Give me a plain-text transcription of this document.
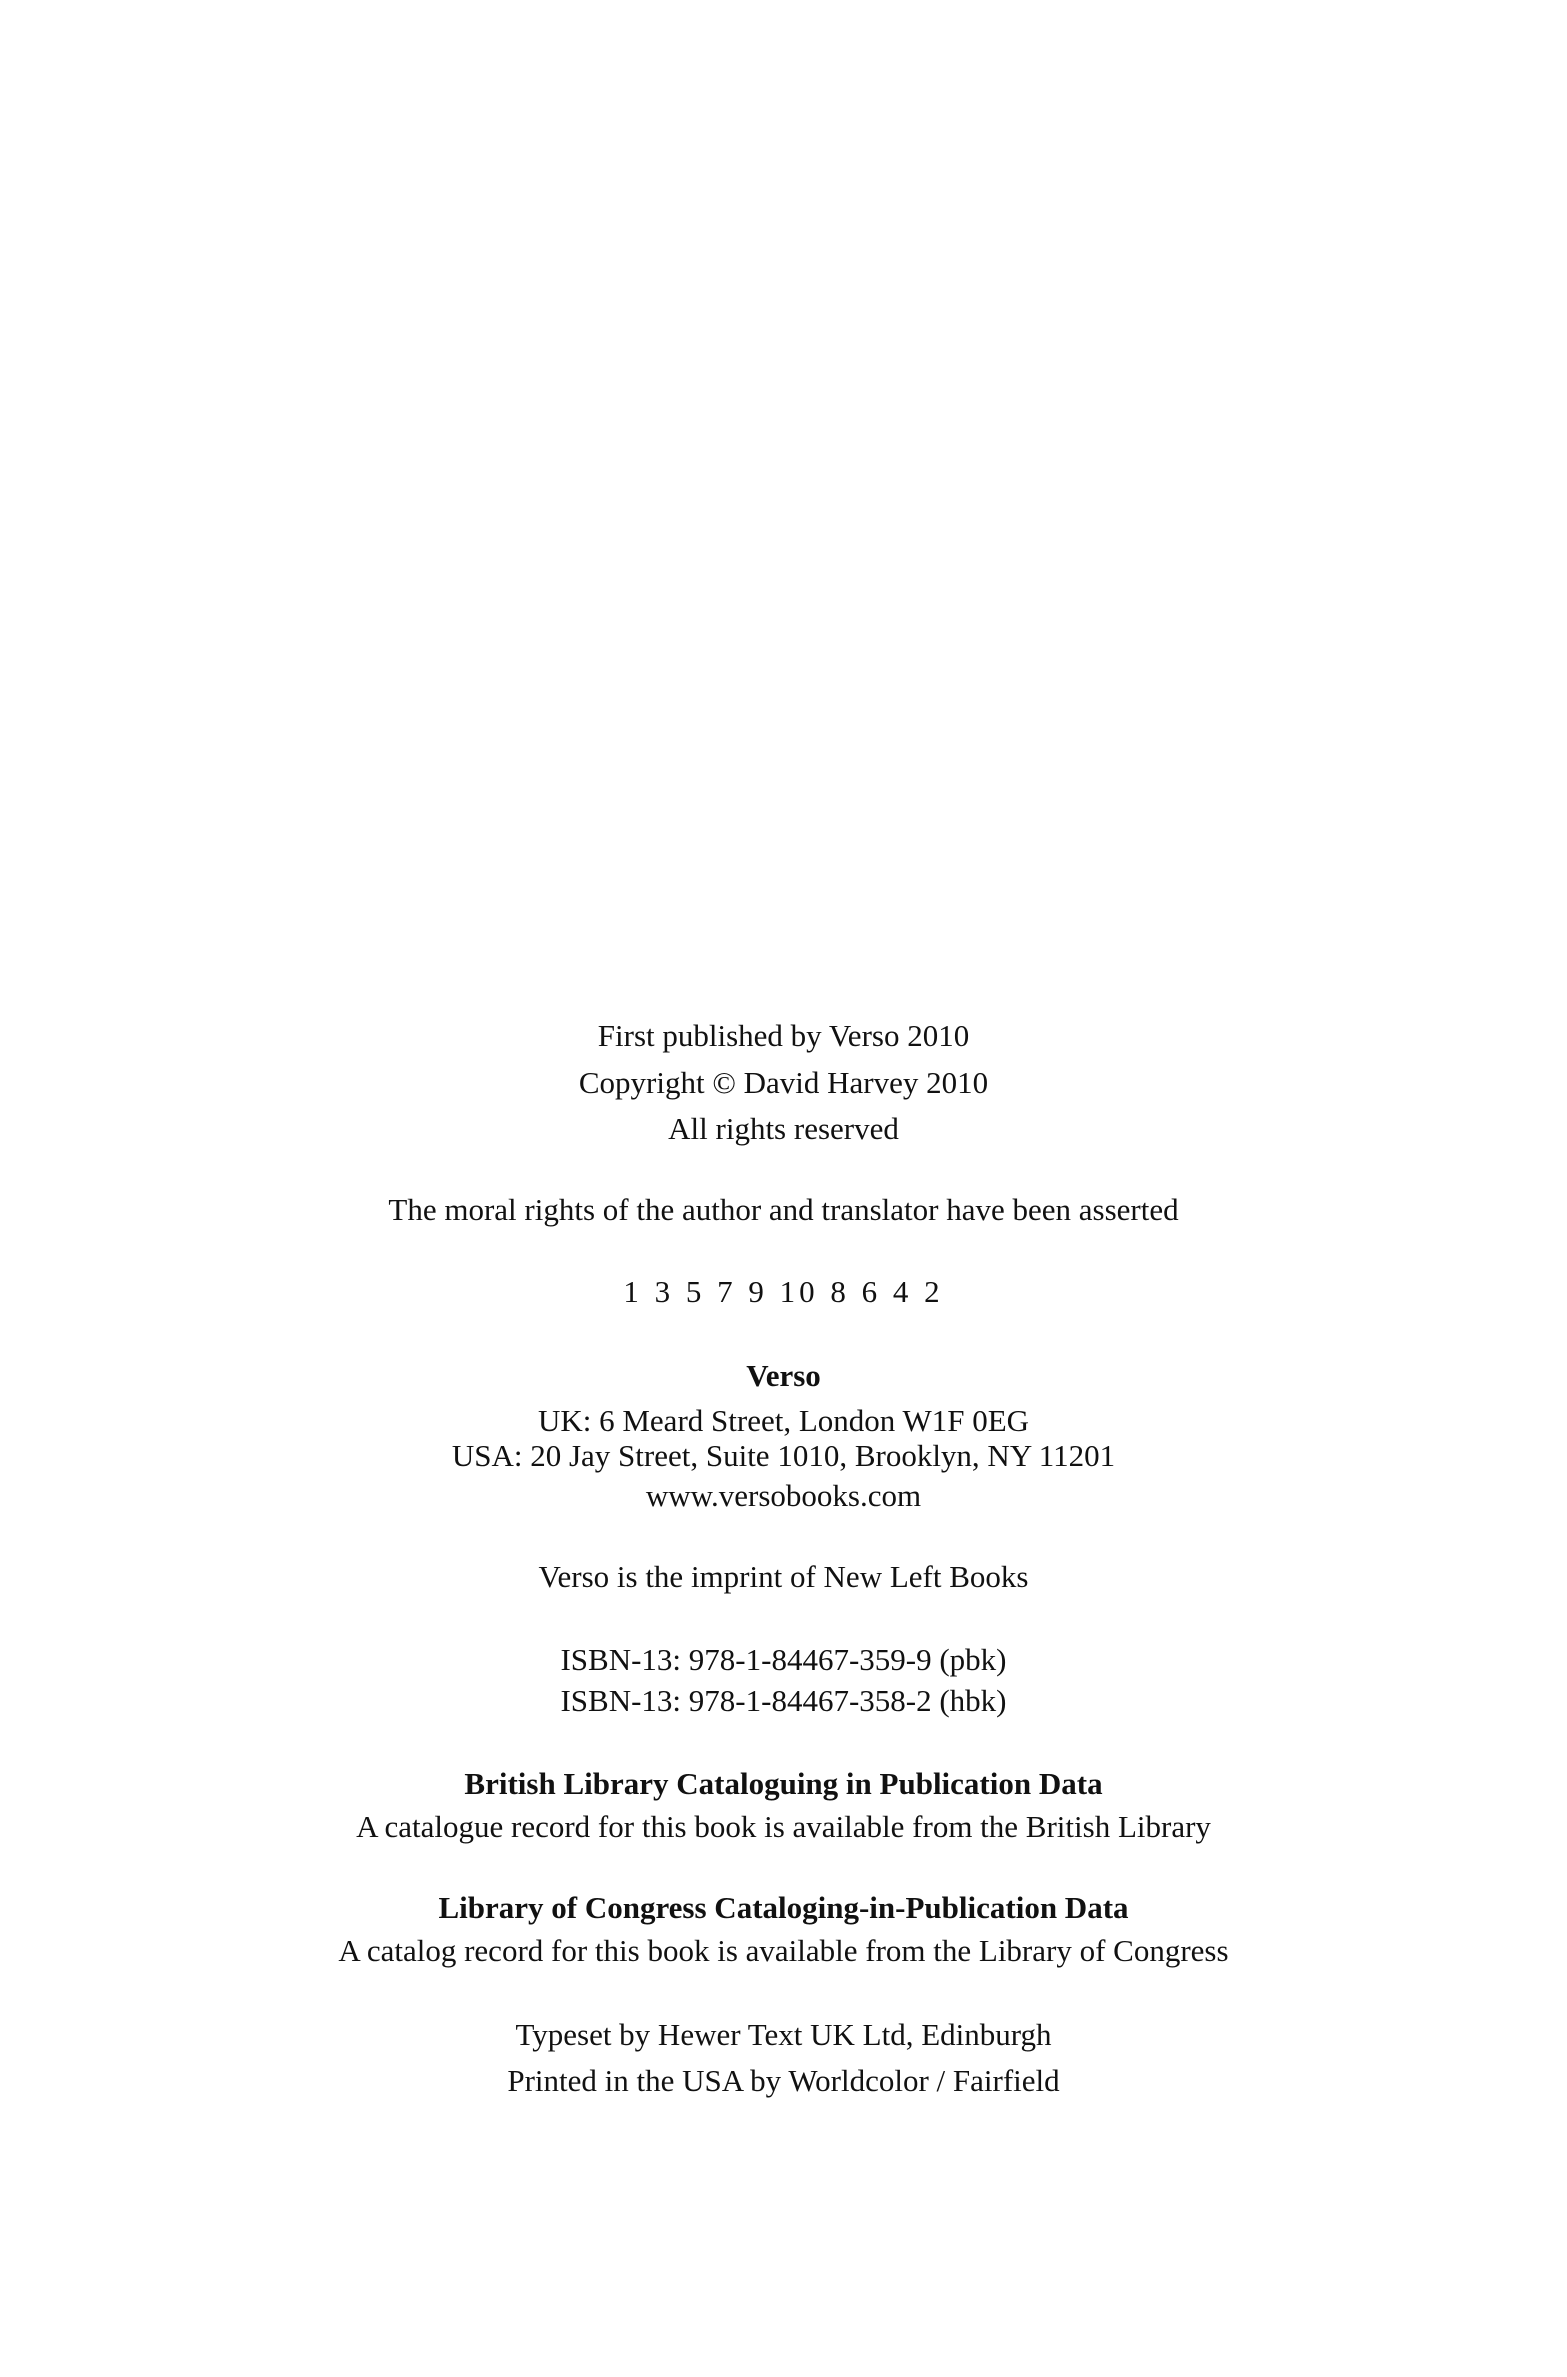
First published by Verso 2010
Copyright © David Harvey 2010
All rights reserved
The moral rights of the author and translator have been asserted
1 3 5 7 9 10 8 6 4 2
Verso
UK: 6 Meard Street, London W1F 0EG
USA: 20 Jay Street, Suite 1010, Brooklyn, NY 11201
www.versobooks.com
Verso is the imprint of New Left Books
ISBN-13: 978-1-84467-359-9 (pbk)
ISBN-13: 978-1-84467-358-2 (hbk)
British Library Cataloguing in Publication Data
A catalogue record for this book is available from the British Library
Library of Congress Cataloging-in-Publication Data
A catalog record for this book is available from the Library of Congress
Typeset by Hewer Text UK Ltd, Edinburgh
Printed in the USA by Worldcolor / Fairfield
